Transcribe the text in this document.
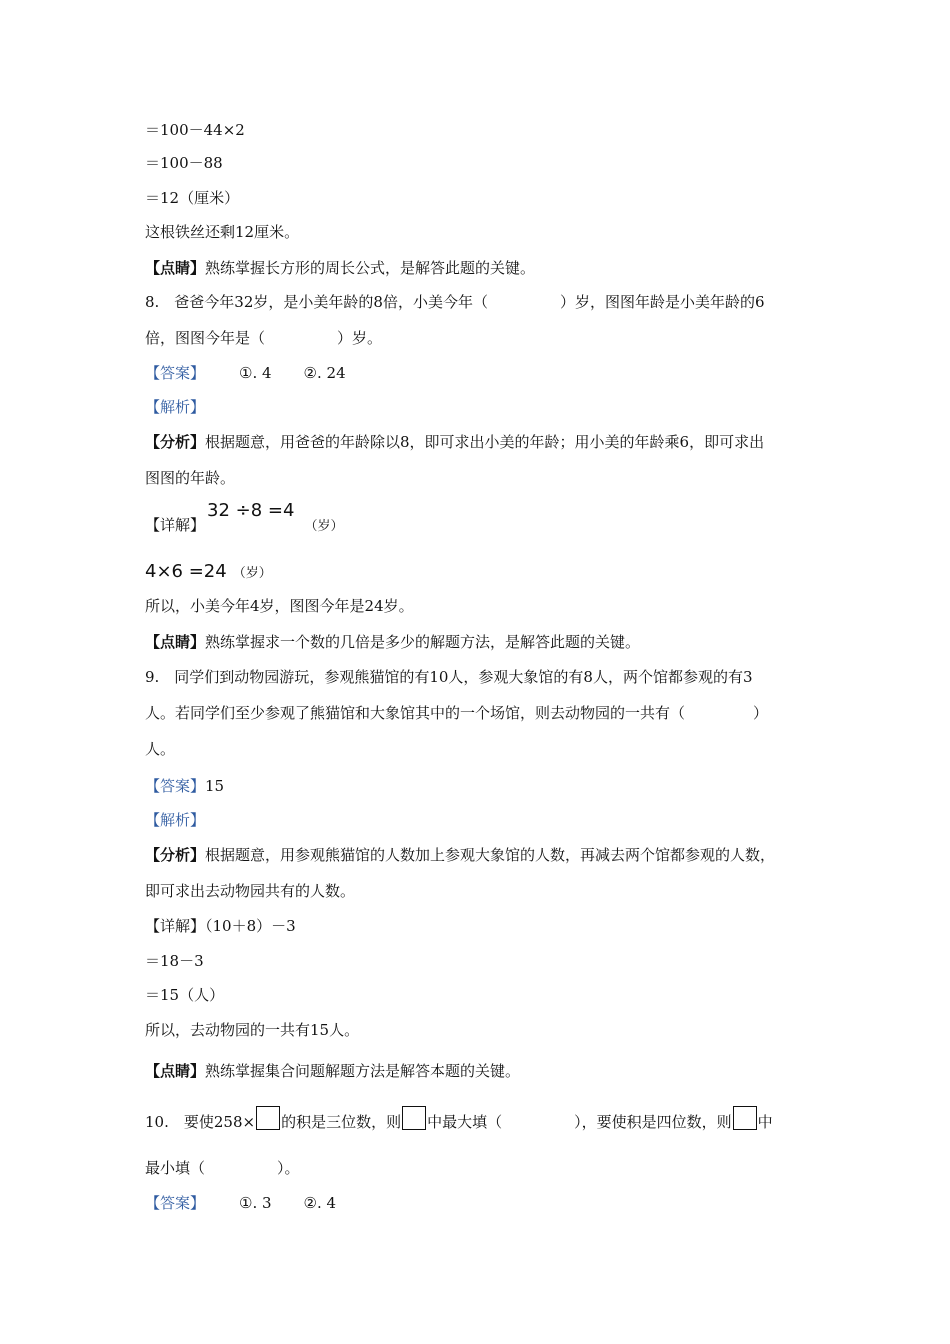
＝100－44×2
＝100－88
＝12（厘米）
这根铁丝还剩12厘米。
【点睛】熟练掌握长方形的周长公式，是解答此题的关键。
8.　爸爸今年32岁，是小美年龄的8倍，小美今年（	）岁，图图年龄是小美年龄的6
倍，图图今年是（	）岁。
【答案】 ①. 4 ②. 24
【解析】
【分析】根据题意，用爸爸的年龄除以8，即可求出小美的年龄；用小美的年龄乘6，即可求出
图图的年龄。
【详解】32 ÷8 =4（岁）
4×6 =24 （岁）
所以，小美今年4岁，图图今年是24岁。
【点睛】熟练掌握求一个数的几倍是多少的解题方法，是解答此题的关键。
9.　同学们到动物园游玩，参观熊猫馆的有10人，参观大象馆的有8人，两个馆都参观的有3
人。若同学们至少参观了熊猫馆和大象馆其中的一个场馆，则去动物园的一共有（	）
人。
【答案】15
【解析】
【分析】根据题意，用参观熊猫馆的人数加上参观大象馆的人数，再减去两个馆都参观的人数，
即可求出去动物园共有的人数。
【详解】（10＋8）－3
＝18－3
＝15（人）
所以，去动物园的一共有15人。
【点睛】熟练掌握集合问题解题方法是解答本题的关键。
10.　要使258× 的积是三位数，则 中最大填（	），要使积是四位数，则 中
最小填（	）。
【答案】 ①. 3 ②. 4
